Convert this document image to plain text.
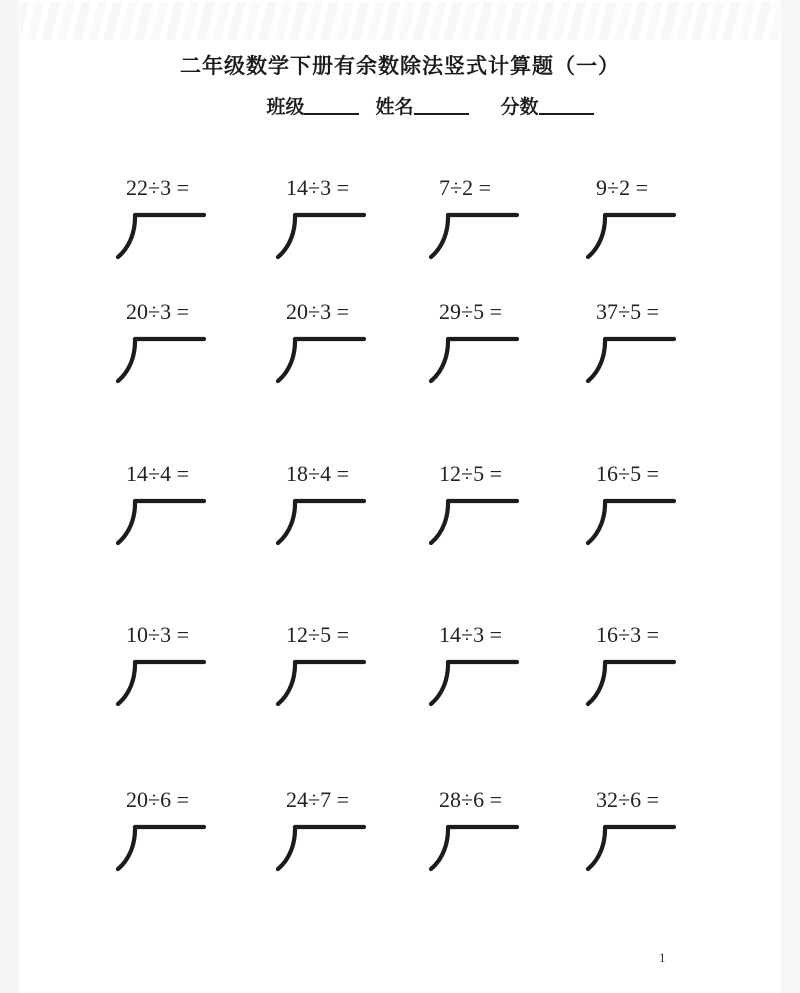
二年级数学下册有余数除法竖式计算题（一）
班级	姓名	分数
22÷3 =	14÷3 =	7÷2 =	9÷2 =
20÷3 =	20÷3 =	29÷5 =	37÷5 =
14÷4 =	18÷4 =	12÷5 =	16÷5 =
10÷3 =	12÷5 =	14÷3 =	16÷3 =
20÷6 =	24÷7 =	28÷6 =	32÷6 =
1
